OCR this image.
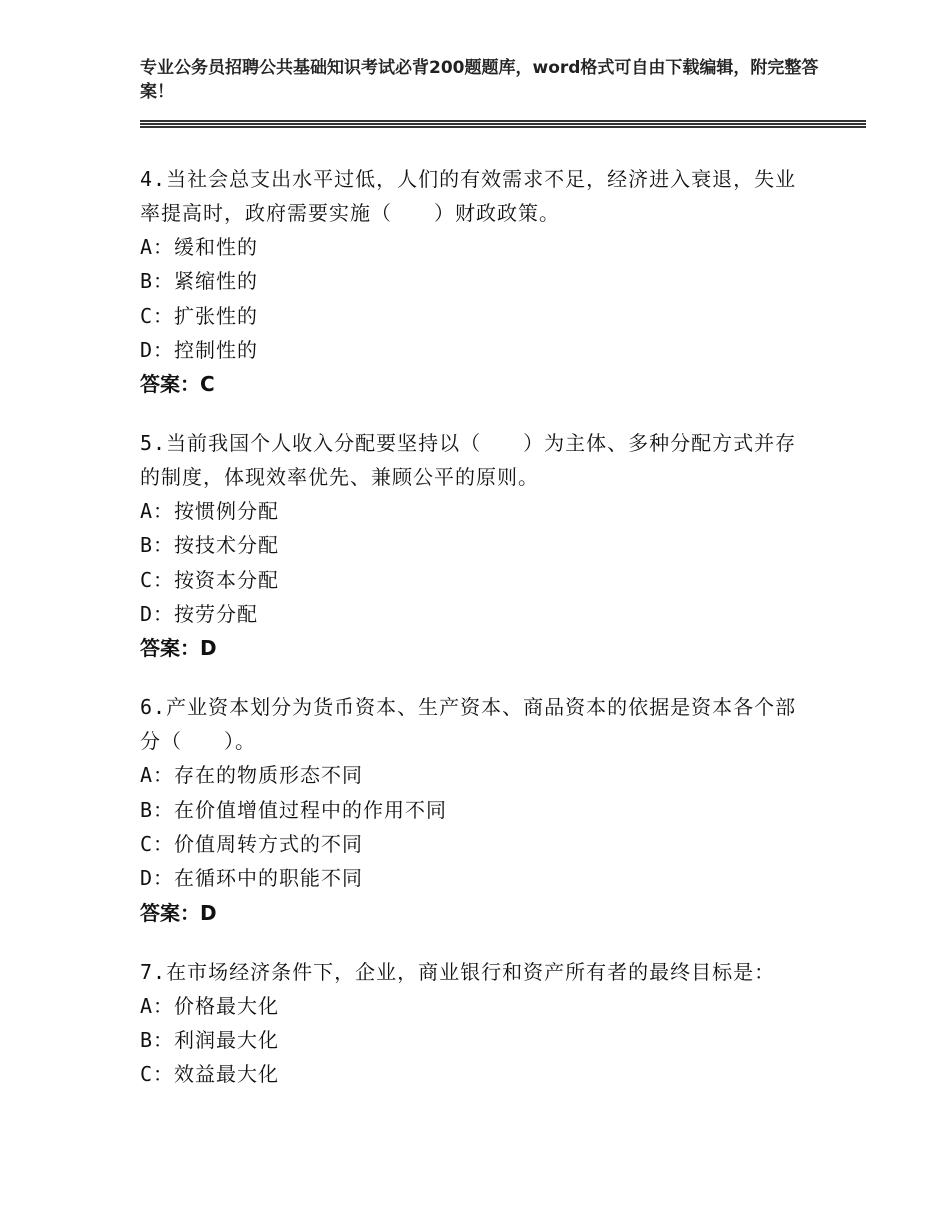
专业公务员招聘公共基础知识考试必背200题题库，word格式可自由下载编辑，附完整答案！

4.当社会总支出水平过低，人们的有效需求不足，经济进入衰退，失业率提高时，政府需要实施（　　）财政政策。

A：缓和性的

B：紧缩性的

C：扩张性的

D：控制性的

答案：C

5.当前我国个人收入分配要坚持以（　　）为主体、多种分配方式并存的制度，体现效率优先、兼顾公平的原则。

A：按惯例分配

B：按技术分配

C：按资本分配

D：按劳分配

答案：D

6.产业资本划分为货币资本、生产资本、商品资本的依据是资本各个部分（　　）。

A：存在的物质形态不同

B：在价值增值过程中的作用不同

C：价值周转方式的不同

D：在循环中的职能不同

答案：D

7.在市场经济条件下，企业，商业银行和资产所有者的最终目标是：

A：价格最大化

B：利润最大化

C：效益最大化
